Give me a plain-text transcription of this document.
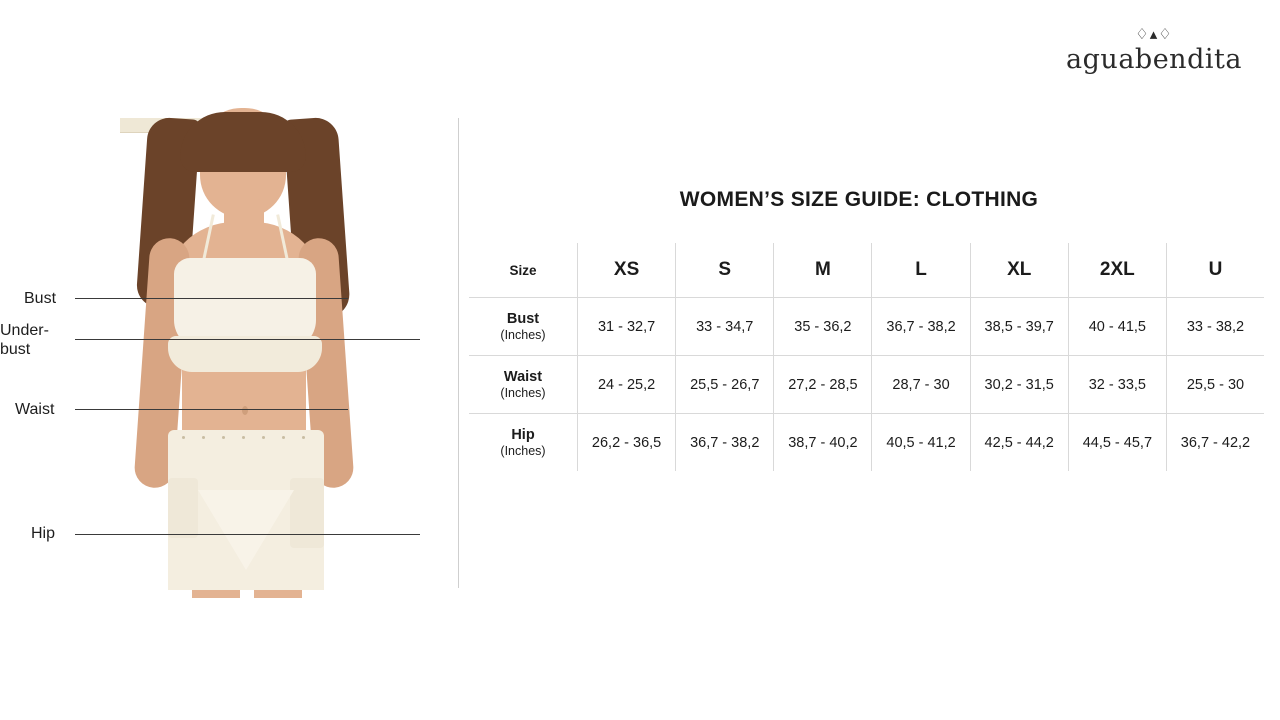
♢▴♢
aguabendita
Bust
Under-
bust
Waist
Hip
WOMEN’S SIZE GUIDE: CLOTHING
Size	XS	S	M	L	XL	2XL	U
Bust
(Inches)	31 - 32,7	33 - 34,7	35 - 36,2	36,7 - 38,2	38,5 - 39,7	40 - 41,5	33 - 38,2
Waist
(Inches)	24 - 25,2	25,5 - 26,7	27,2 - 28,5	28,7 - 30	30,2 - 31,5	32 - 33,5	25,5 - 30
Hip
(Inches)	26,2 - 36,5	36,7 - 38,2	38,7 - 40,2	40,5 - 41,2	42,5 - 44,2	44,5 - 45,7	36,7 - 42,2
